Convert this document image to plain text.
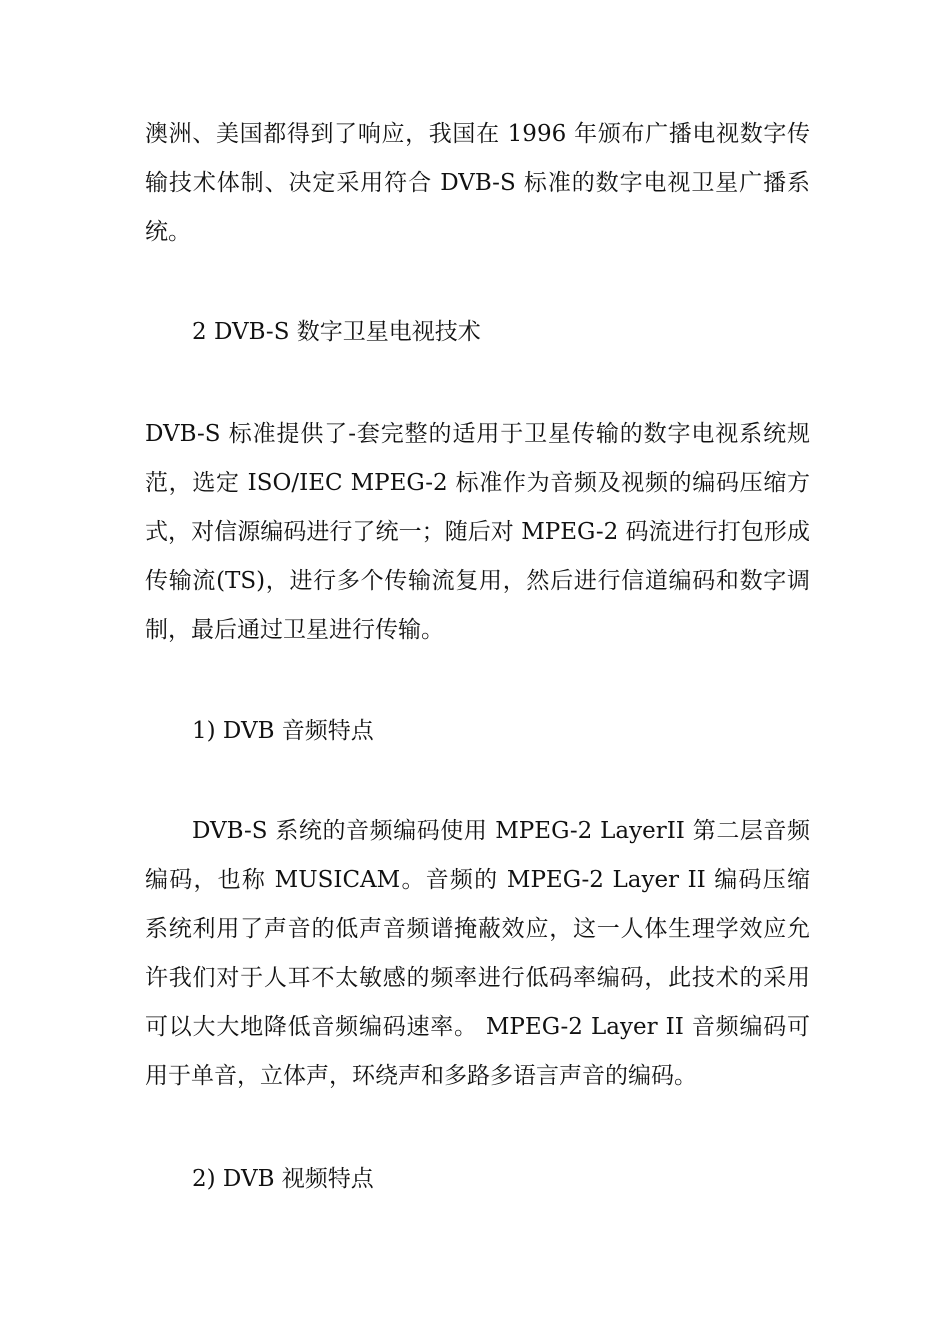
澳洲、美国都得到了响应，我国在 1996 年颁布广播电视数字传输技术体制、决定采用符合 DVB-S 标准的数字电视卫星广播系统。

2 DVB-S 数字卫星电视技术

DVB-S 标准提供了-套完整的适用于卫星传输的数字电视系统规范，选定 ISO/IEC MPEG-2 标准作为音频及视频的编码压缩方式，对信源编码进行了统一；随后对 MPEG-2 码流进行打包形成传输流(TS)，进行多个传输流复用，然后进行信道编码和数字调制，最后通过卫星进行传输。

1) DVB 音频特点

DVB-S 系统的音频编码使用 MPEG-2 LayerII 第二层音频编码，也称 MUSICAM。音频的 MPEG-2 Layer II 编码压缩系统利用了声音的低声音频谱掩蔽效应，这一人体生理学效应允许我们对于人耳不太敏感的频率进行低码率编码，此技术的采用可以大大地降低音频编码速率。 MPEG-2 Layer II 音频编码可用于单音，立体声，环绕声和多路多语言声音的编码。

2) DVB 视频特点
